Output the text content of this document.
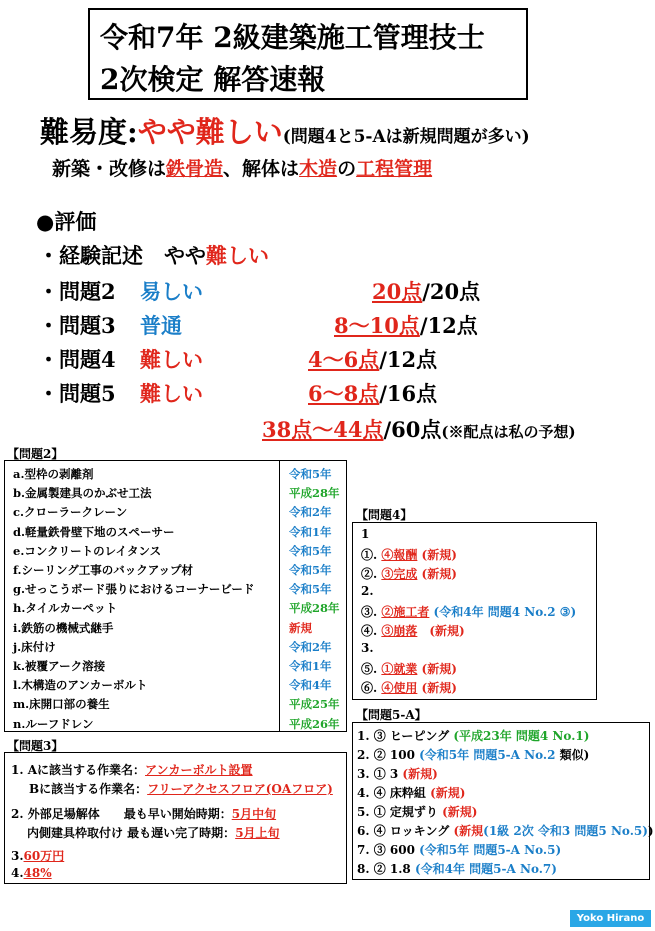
令和7年 2級建築施工管理技士
2次検定 解答速報
難易度:やや難しい(問題4と5-Aは新規問題が多い)
新築・改修は鉄骨造、解体は木造の工程管理
●評価
・経験記述　やや難しい
・問題2 易しい	20点/20点
・問題3 普通	8～10点/12点
・問題4 難しい	4～6点/12点
・問題5 難しい	6～8点/16点
38点～44点/60点(※配点は私の予想)
【問題2】
a.型枠の剥離剤	令和5年
b.金属製建具のかぶせ工法	平成28年
c.クローラークレーン	令和2年
d.軽量鉄骨壁下地のスペーサー	令和1年
e.コンクリートのレイタンス	令和5年
f.シーリング工事のバックアップ材	令和5年
g.せっこうボード張りにおけるコーナービード	令和5年
h.タイルカーペット	平成28年
i.鉄筋の機械式継手	新規
j.床付け	令和2年
k.被覆アーク溶接	令和1年
l.木構造のアンカーボルト	令和4年
m.床開口部の養生	平成25年
n.ルーフドレン	平成26年
【問題3】
1. Aに該当する作業名：アンカーボルト設置
Bに該当する作業名：フリーアクセスフロア(OAフロア)
2. 外部足場解体　　最も早い開始時期：5月中旬
内側建具枠取付け 最も遅い完了時期：5月上旬
3.60万円
4.48%
【問題4】
1
①. ④報酬 (新規)
②. ③完成 (新規)
2.
③. ②施工者 (令和4年 問題4 No.2 ③)
④. ③崩落　(新規)
3.
⑤. ①就業 (新規)
⑥. ④使用 (新規)
【問題5-A】
1. ③ ヒーピング (平成23年 問題4 No.1)
2. ② 100 (令和5年 問題5-A No.2 類似)
3. ① 3 (新規)
4. ④ 床粋組 (新規)
5. ① 定規ずり (新規)
6. ④ ロッキング (新規(1級 2次 令和3 問題5 No.5))
7. ③ 600 (令和5年 問題5-A No.5)
8. ② 1.8 (令和4年 問題5-A No.7)
Yoko Hirano
